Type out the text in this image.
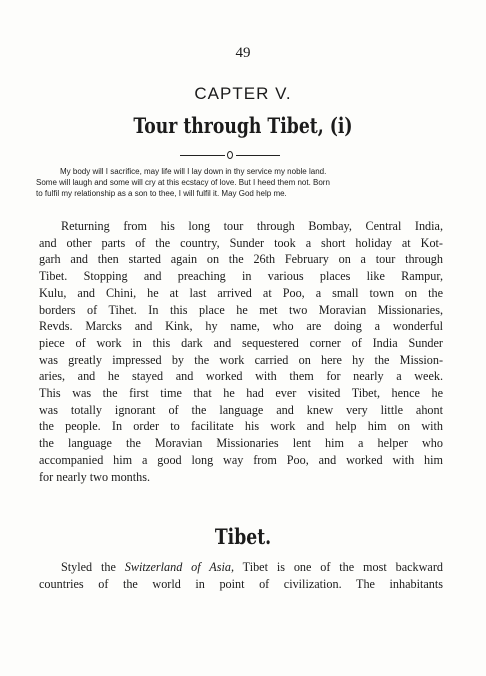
49
CAPTER V.
Tour through Tibet, (i)
My body will I sacrifice, may life will I lay down in thy service my noble land.
Some will laugh and some will cry at this ecstacy of love. But I heed them not. Born
to fulfil my relationship as a son to thee, I will fulfil it. May God help me.
Returning from his long tour through Bombay, Central India,
and other parts of the country, Sunder took a short holiday at Kot-
garh and then started again on the 26th February on a tour through
Tibet. Stopping and preaching in various places like Rampur,
Kulu, and Chini, he at last arrived at Poo, a small town on the
borders of Tihet. In this place he met two Moravian Missionaries,
Revds. Marcks and Kink, hy name, who are doing a wonderful
piece of work in this dark and sequestered corner of India Sunder
was greatly impressed by the work carried on here hy the Mission-
aries, and he stayed and worked with them for nearly a week.
This was the first time that he had ever visited Tibet, hence he
was totally ignorant of the language and knew very little ahont
the people. In order to facilitate his work and help him on with
the language the Moravian Missionaries lent him a helper who
accompanied him a good long way from Poo, and worked with him
for nearly two months.
Tibet.
Styled the Switzerland of Asia, Tibet is one of the most backward
countries of the world in point of civilization. The inhabitants
